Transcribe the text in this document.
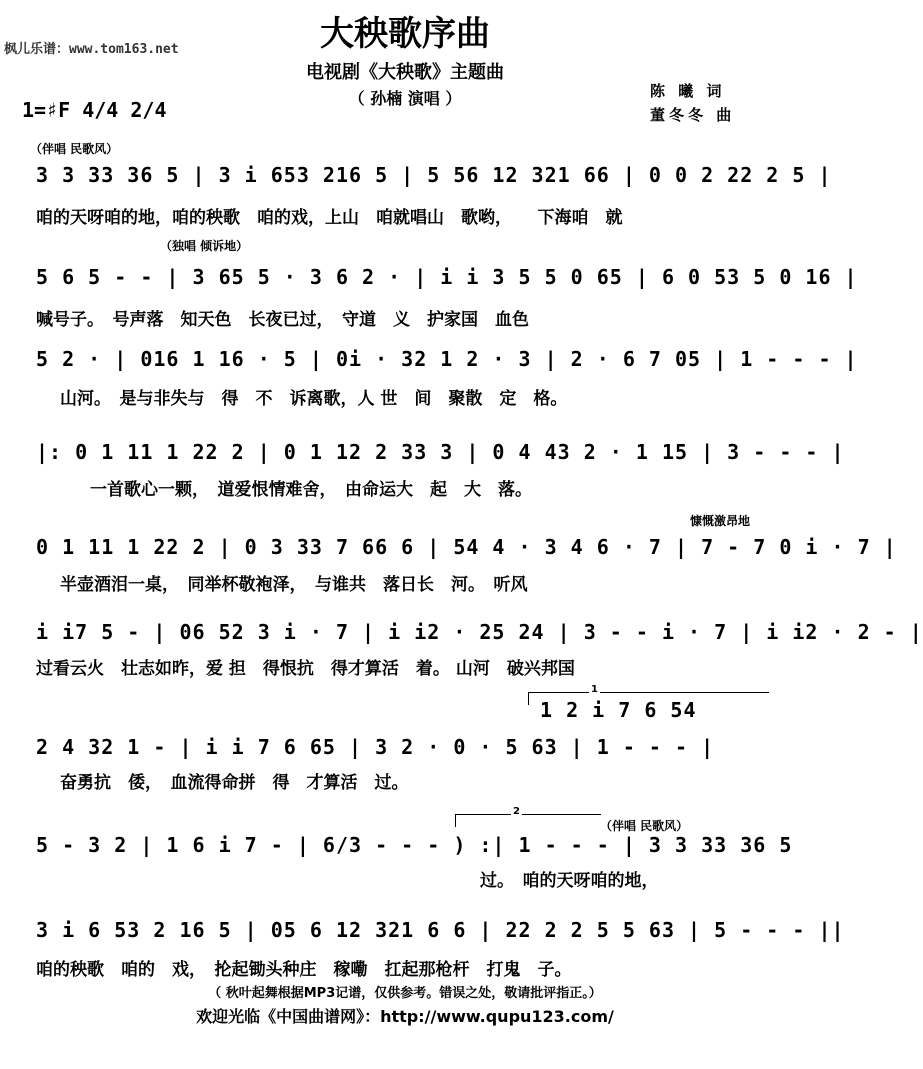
枫儿乐谱：www.tom163.net	大秧歌序曲
电视剧《大秧歌》主题曲
（ 孙楠 演唱 ）	陈 曦 词
董冬冬 曲
1=♯F 4/4 2/4
（伴唱 民歌风）
（独唱 倾诉地）
慷慨激昂地
（伴唱 民歌风）
3 3 33 36 5 | 3 i 653 216 5 | 5 56 12 321 66 | 0 0 2 22 2 5 |
咱的天呀咱的地，咱的秧歌　咱的戏，上山　咱就唱山　歌哟，　　下海咱　就
5 6 5 - - | 3 65 5 · 3 6 2 · | i i 3 5 5 0 65 | 6 0 53 5 0 16 |
喊号子。　号声落　知天色　长夜已过，　守道　义　护家国　血色
5 2 · | 016 1 16 · 5 | 0i · 32 1 2 · 3 | 2 · 6 7 05 | 1 - - - |
山河。　是与非失与　得　不　诉离歌，人 世　间　聚散　定　格。
|: 0 1 11 1 22 2 | 0 1 12 2 33 3 | 0 4 43 2 · 1 15 | 3 - - - |
一首歌心一颗，　道爱恨情难舍，　由命运大　起　大　落。
0 1 11 1 22 2 | 0 3 33 7 66 6 | 54 4 · 3 4 6 · 7 | 7 - 7 0 i · 7 |
半壶酒泪一桌，　同举杯敬袍泽，　与谁共　落日长　河。　听风
i i7 5 - | 06 52 3 i · 7 | i i2 · 25 24 | 3 - - i · 7 | i i2 · 2 - |
过看云火　壮志如昨，爱 担　得恨抗　得才算活　着。 山河　破兴邦国
1
1 2 i 7 6 54
2 4 32 1 - | i i 7 6 65 | 3 2 · 0 · 5 63 | 1 - - - |
奋勇抗　倭，　血流得命拼　得　才算活　过。
2
5 - 3 2 | 1 6 i 7 - | 6/3 - - - ) :| 1 - - - | 3 3 33 36 5
过。　咱的天呀咱的地，
3 i 6 53 2 16 5 | 05 6 12 321 6 6 | 22 2 2 5 5 63 | 5 - - - ||
咱的秧歌　咱的　戏，　抡起锄头种庄　稼嘞　扛起那枪杆　打鬼　子。
（ 秋叶起舞根据MP3记谱，仅供参考。错误之处，敬请批评指正。）
欢迎光临《中国曲谱网》：http://www.qupu123.com/
